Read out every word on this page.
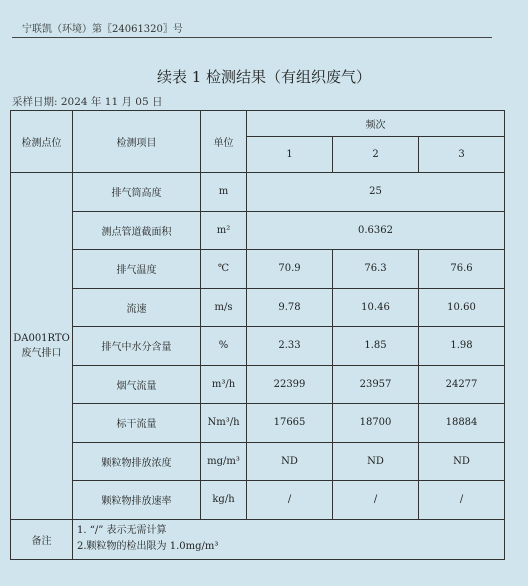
宁联凯（环境）第〖24061320〗号
续表 1 检测结果（有组织废气）
采样日期: 2024 年 11 月 05 日
检测点位	检测项目	单位	频次		
			1	2	3

DA001RTO
废气排口	排气筒高度	m	25		
	测点管道截面积	m²	0.6362		
	排气温度	℃	70.9	76.3	76.6
	流速	m/s	9.78	10.46	10.60
	排气中水分含量	%	2.33	1.85	1.98
	烟气流量	m³/h	22399	23957	24277
	标干流量	Nm³/h	17665	18700	18884
	颗粒物排放浓度	mg/m³	ND	ND	ND
	颗粒物排放速率	kg/h	/	/	/
备注	1. “/” 表示无需计算
2.颗粒物的检出限为 1.0mg/m³				
